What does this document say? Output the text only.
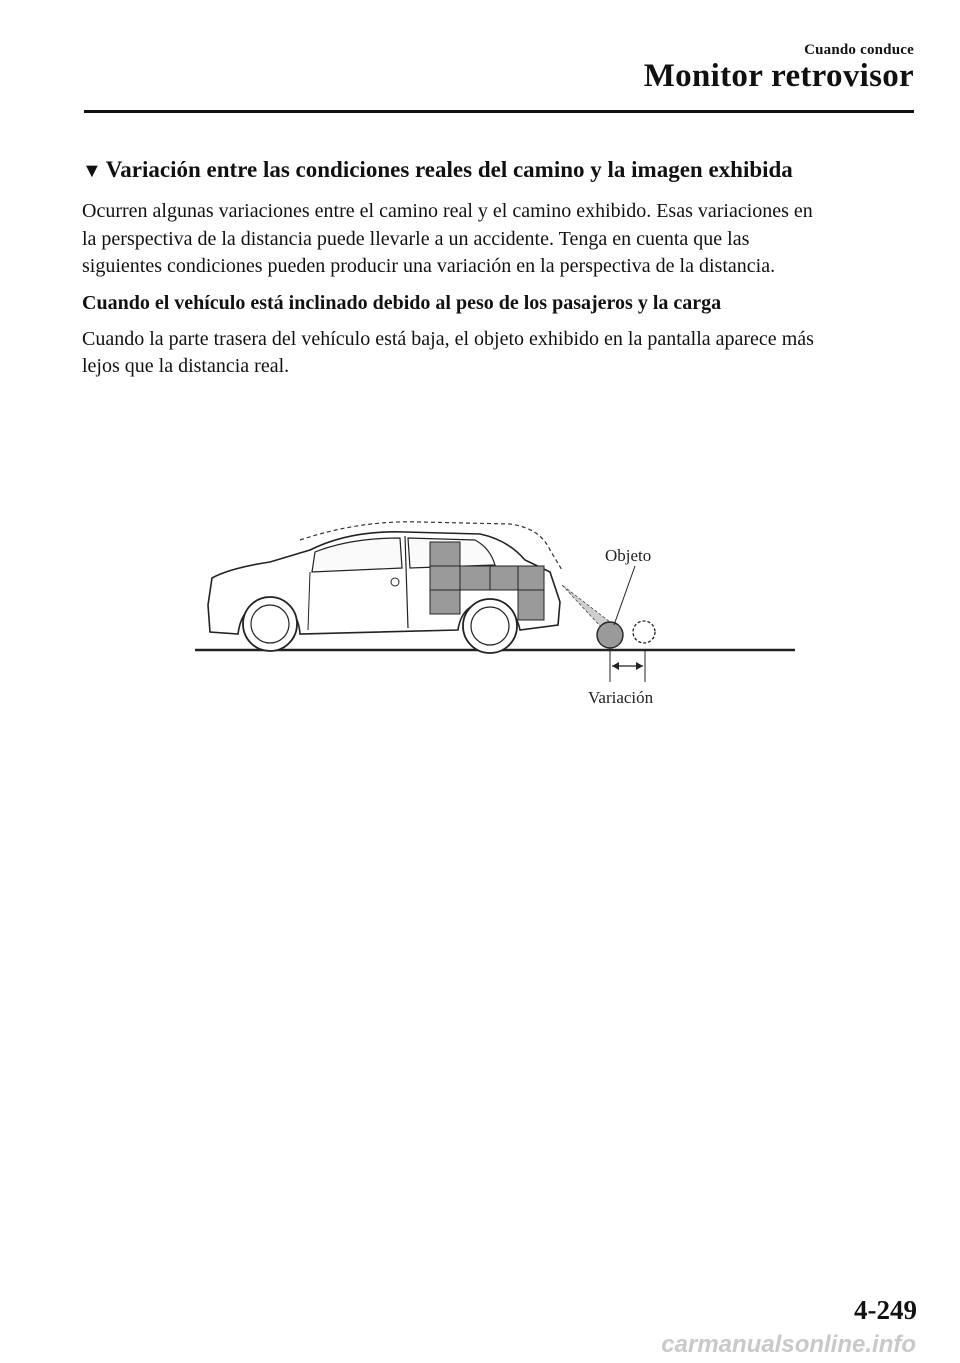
Cuando conduce
Monitor retrovisor
▼ Variación entre las condiciones reales del camino y la imagen exhibida
Ocurren algunas variaciones entre el camino real y el camino exhibido. Esas variaciones en
la perspectiva de la distancia puede llevarle a un accidente. Tenga en cuenta que las
siguientes condiciones pueden producir una variación en la perspectiva de la distancia.
Cuando el vehículo está inclinado debido al peso de los pasajeros y la carga
Cuando la parte trasera del vehículo está baja, el objeto exhibido en la pantalla aparece más
lejos que la distancia real.
Objeto
Variación
4-249
carmanualsonline.info
